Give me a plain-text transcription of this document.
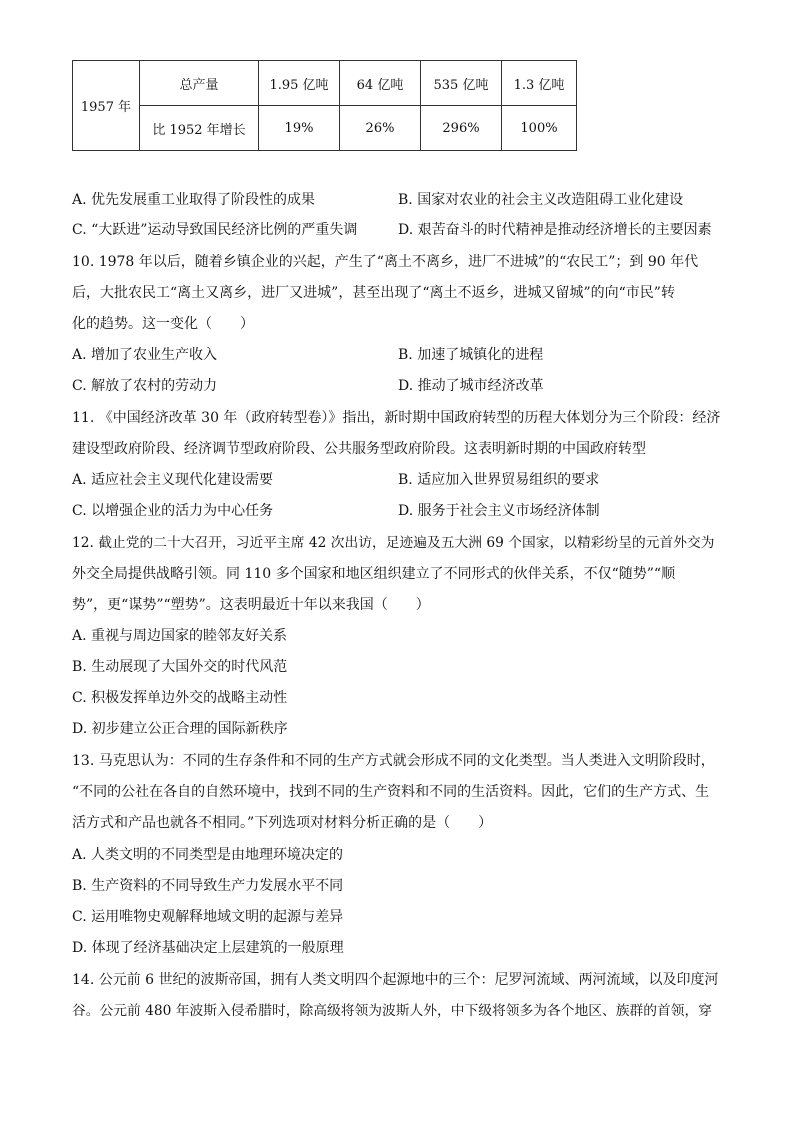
1957 年	总产量	1.95 亿吨	64 亿吨	535 亿吨	1.3 亿吨
	比 1952 年增长	19%	26%	296%	100%
A. 优先发展重工业取得了阶段性的成果	B. 国家对农业的社会主义改造阻碍工业化建设
C. “大跃进”运动导致国民经济比例的严重失调	D. 艰苦奋斗的时代精神是推动经济增长的主要因素
10. 1978 年以后，随着乡镇企业的兴起，产生了“离土不离乡，进厂不进城”的“农民工”；到 90 年代
后，大批农民工“离土又离乡，进厂又进城”，甚至出现了“离土不返乡，进城又留城”的向“市民”转
化的趋势。这一变化（　　）
A. 增加了农业生产收入	B. 加速了城镇化的进程
C. 解放了农村的劳动力	D. 推动了城市经济改革
11. 《中国经济改革 30 年（政府转型卷）》指出，新时期中国政府转型的历程大体划分为三个阶段：经济
建设型政府阶段、经济调节型政府阶段、公共服务型政府阶段。这表明新时期的中国政府转型
A. 适应社会主义现代化建设需要	B. 适应加入世界贸易组织的要求
C. 以增强企业的活力为中心任务	D. 服务于社会主义市场经济体制
12. 截止党的二十大召开，习近平主席 42 次出访，足迹遍及五大洲 69 个国家，以精彩纷呈的元首外交为
外交全局提供战略引领。同 110 多个国家和地区组织建立了不同形式的伙伴关系，不仅“随势”“顺
势”，更“谋势”“塑势”。这表明最近十年以来我国（　　）
A. 重视与周边国家的睦邻友好关系
B. 生动展现了大国外交的时代风范
C. 积极发挥单边外交的战略主动性
D. 初步建立公正合理的国际新秩序
13. 马克思认为：不同的生存条件和不同的生产方式就会形成不同的文化类型。当人类进入文明阶段时，
“不同的公社在各自的自然环境中，找到不同的生产资料和不同的生活资料。因此，它们的生产方式、生
活方式和产品也就各不相同。”下列选项对材料分析正确的是（　　）
A. 人类文明的不同类型是由地理环境决定的
B. 生产资料的不同导致生产力发展水平不同
C. 运用唯物史观解释地域文明的起源与差异
D. 体现了经济基础决定上层建筑的一般原理
14. 公元前 6 世纪的波斯帝国，拥有人类文明四个起源地中的三个：尼罗河流域、两河流域，以及印度河
谷。公元前 480 年波斯入侵希腊时，除高级将领为波斯人外，中下级将领多为各个地区、族群的首领，穿
